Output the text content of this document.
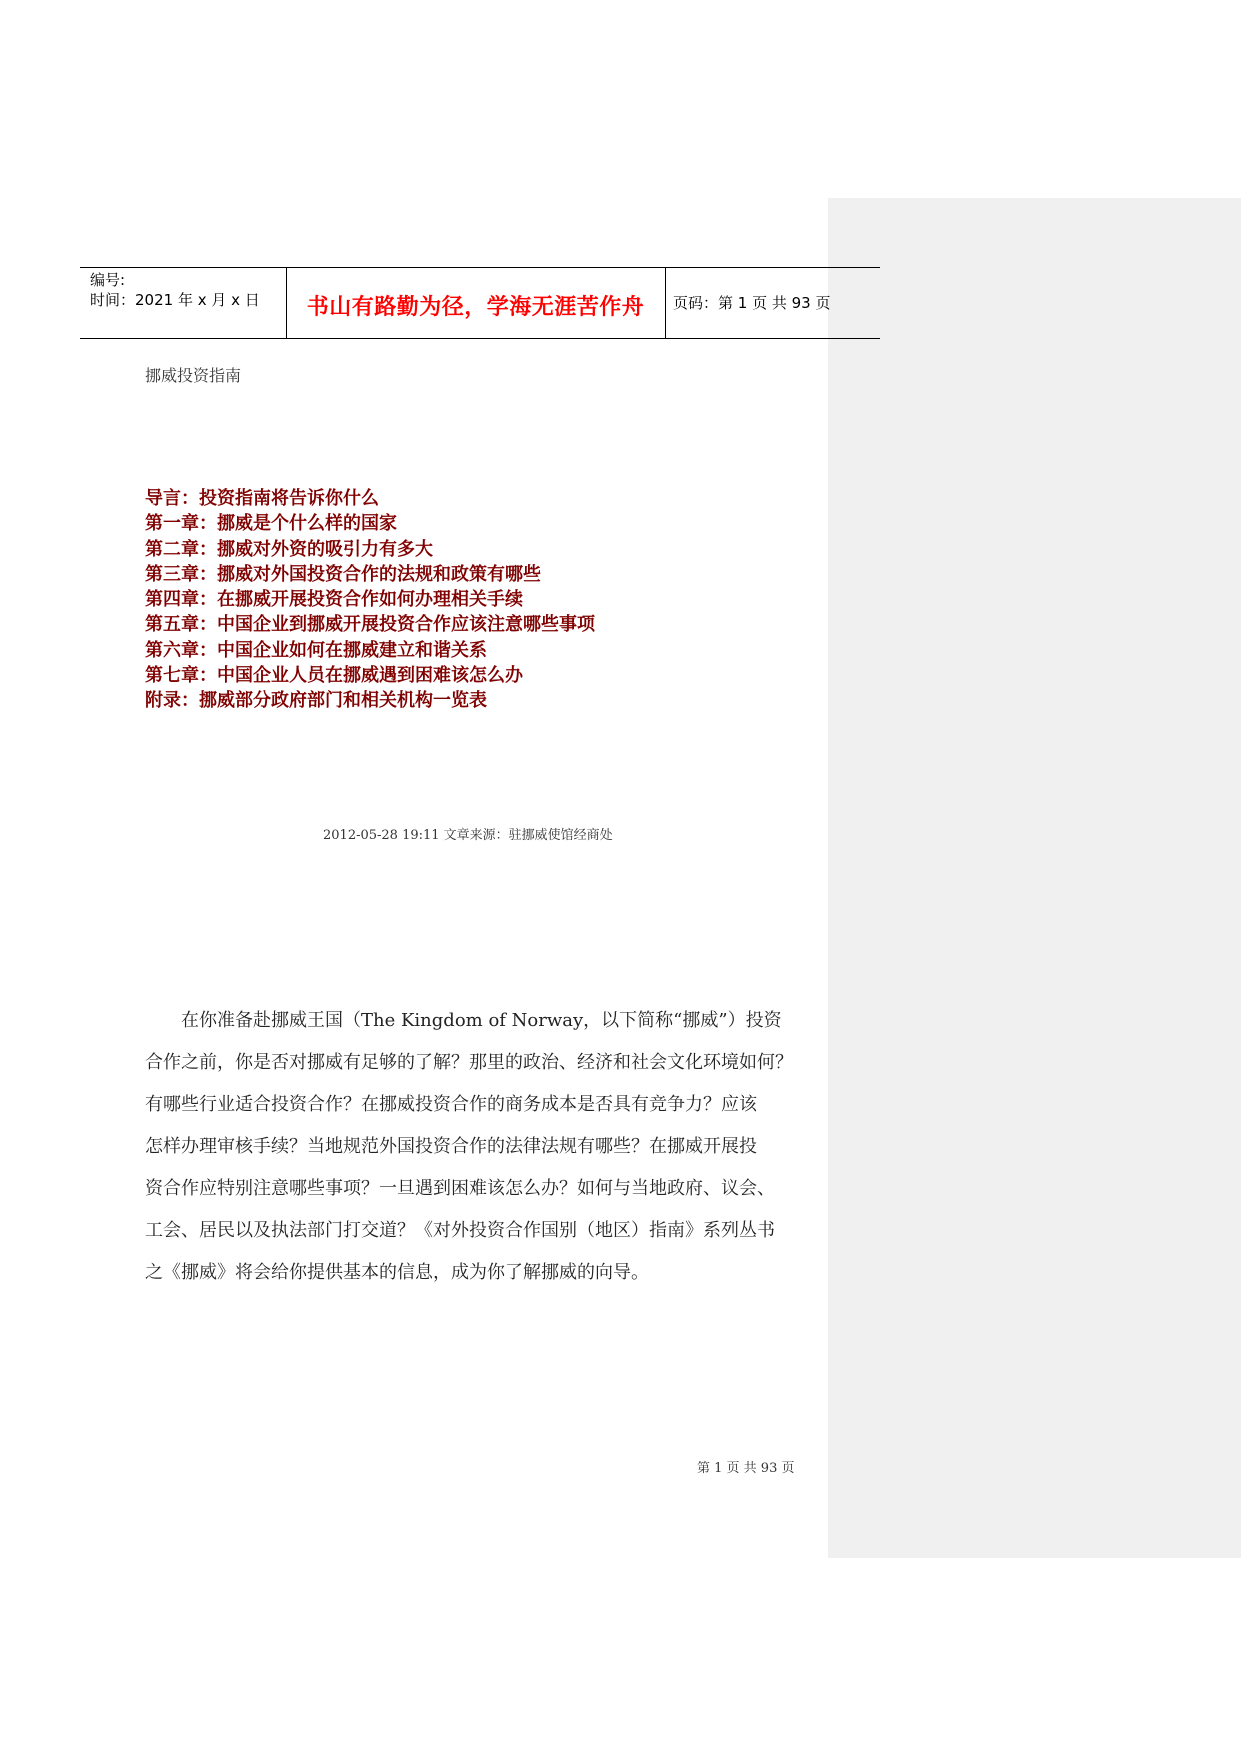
编号:
时间：2021 年 x 月 x 日	书山有路勤为径，学海无涯苦作舟	页码：第 1 页 共 93 页
挪威投资指南
导言：投资指南将告诉你什么
第一章：挪威是个什么样的国家
第二章：挪威对外资的吸引力有多大
第三章：挪威对外国投资合作的法规和政策有哪些
第四章：在挪威开展投资合作如何办理相关手续
第五章：中国企业到挪威开展投资合作应该注意哪些事项
第六章：中国企业如何在挪威建立和谐关系
第七章：中国企业人员在挪威遇到困难该怎么办
附录：挪威部分政府部门和相关机构一览表
2012-05-28 19:11 文章来源：驻挪威使馆经商处
在你准备赴挪威王国（The Kingdom of Norway，以下简称“挪威”）投资
合作之前，你是否对挪威有足够的了解？那里的政治、经济和社会文化环境如何？
有哪些行业适合投资合作？在挪威投资合作的商务成本是否具有竞争力？应该
怎样办理审核手续？当地规范外国投资合作的法律法规有哪些？在挪威开展投
资合作应特别注意哪些事项？一旦遇到困难该怎么办？如何与当地政府、议会、
工会、居民以及执法部门打交道？《对外投资合作国别（地区）指南》系列丛书
之《挪威》将会给你提供基本的信息，成为你了解挪威的向导。
第 1 页 共 93 页
